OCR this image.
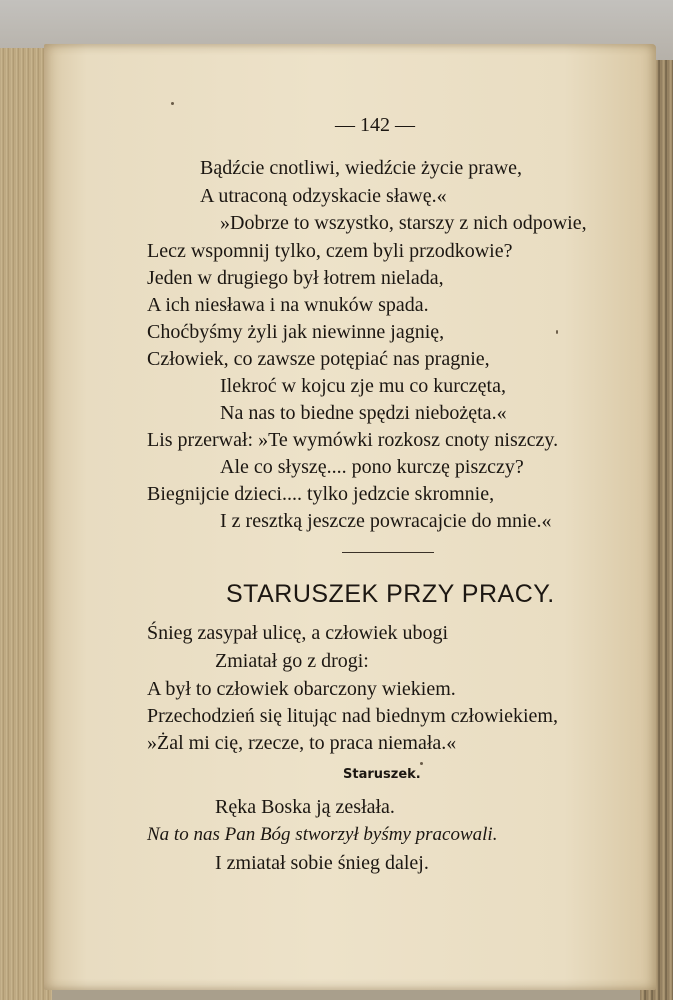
— 142 —
Bądźcie cnotliwi, wiedźcie życie prawe,
A utraconą odzyskacie sławę.«
»Dobrze to wszystko, starszy z nich odpowie,
Lecz wspomnij tylko, czem byli przodkowie?
Jeden w drugiego był łotrem nielada,
A ich niesława i na wnuków spada.
Choćbyśmy żyli jak niewinne jagnię,
Człowiek, co zawsze potępiać nas pragnie,
Ilekroć w kojcu zje mu co kurczęta,
Na nas to biedne spędzi niebożęta.«
Lis przerwał: »Te wymówki rozkosz cnoty niszczy.
Ale co słyszę.... pono kurczę piszczy?
Biegnijcie dzieci.... tylko jedzcie skromnie,
I z resztką jeszcze powracajcie do mnie.«
STARUSZEK PRZY PRACY.
Śnieg zasypał ulicę, a człowiek ubogi
Zmiatał go z drogi:
A był to człowiek obarczony wiekiem.
Przechodzień się litując nad biednym człowiekiem,
»Żal mi cię, rzecze, to praca niemała.«
Staruszek.
Ręka Boska ją zesłała.
Na to nas Pan Bóg stworzył byśmy pracowali.
I zmiatał sobie śnieg dalej.
